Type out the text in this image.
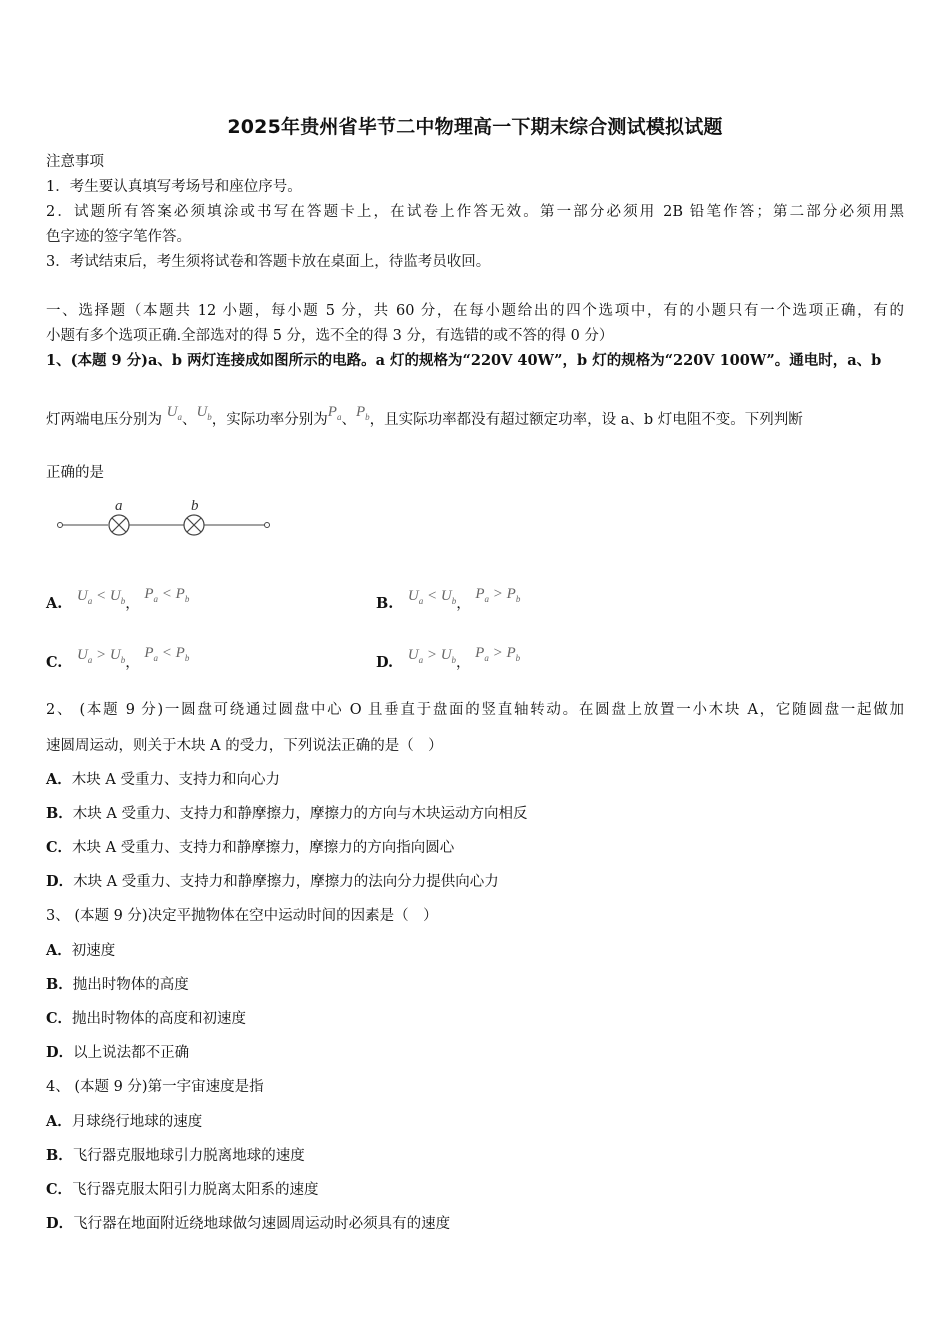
2025年贵州省毕节二中物理高一下期末综合测试模拟试题
注意事项
1．考生要认真填写考场号和座位序号。
2．试题所有答案必须填涂或书写在答题卡上，在试卷上作答无效。第一部分必须用 2B 铅笔作答；第二部分必须用黑
色字迹的签字笔作答。
3．考试结束后，考生须将试卷和答题卡放在桌面上，待监考员收回。
一、选择题（本题共 12 小题，每小题 5 分，共 60 分，在每小题给出的四个选项中，有的小题只有一个选项正确，有的
小题有多个选项正确.全部选对的得 5 分，选不全的得 3 分，有选错的或不答的得 0 分）
1、(本题 9 分)a、b 两灯连接成如图所示的电路。a 灯的规格为“220V 40W”，b 灯的规格为“220V 100W”。通电时，a、b
灯两端电压分别为 $U_a$、$U_b$，实际功率分别为$P_a$、$P_b$，且实际功率都没有超过额定功率，设 a、b 灯电阻不变。下列判断
正确的是
a	b
A. $U_a < U_b$， $P_a < P_b$	B. $U_a < U_b$， $P_a > P_b$
C. $U_a > U_b$， $P_a < P_b$	D. $U_a > U_b$， $P_a > P_b$
2、 (本题 9 分)一圆盘可绕通过圆盘中心 O 且垂直于盘面的竖直轴转动。在圆盘上放置一小木块 A，它随圆盘一起做加
速圆周运动，则关于木块 A 的受力，下列说法正确的是（　）
A．木块 A 受重力、支持力和向心力
B．木块 A 受重力、支持力和静摩擦力，摩擦力的方向与木块运动方向相反
C．木块 A 受重力、支持力和静摩擦力，摩擦力的方向指向圆心
D．木块 A 受重力、支持力和静摩擦力，摩擦力的法向分力提供向心力
3、 (本题 9 分)决定平抛物体在空中运动时间的因素是（　）
A．初速度
B．抛出时物体的高度
C．抛出时物体的高度和初速度
D．以上说法都不正确
4、 (本题 9 分)第一宇宙速度是指
A．月球绕行地球的速度
B．飞行器克服地球引力脱离地球的速度
C．飞行器克服太阳引力脱离太阳系的速度
D．飞行器在地面附近绕地球做匀速圆周运动时必须具有的速度
